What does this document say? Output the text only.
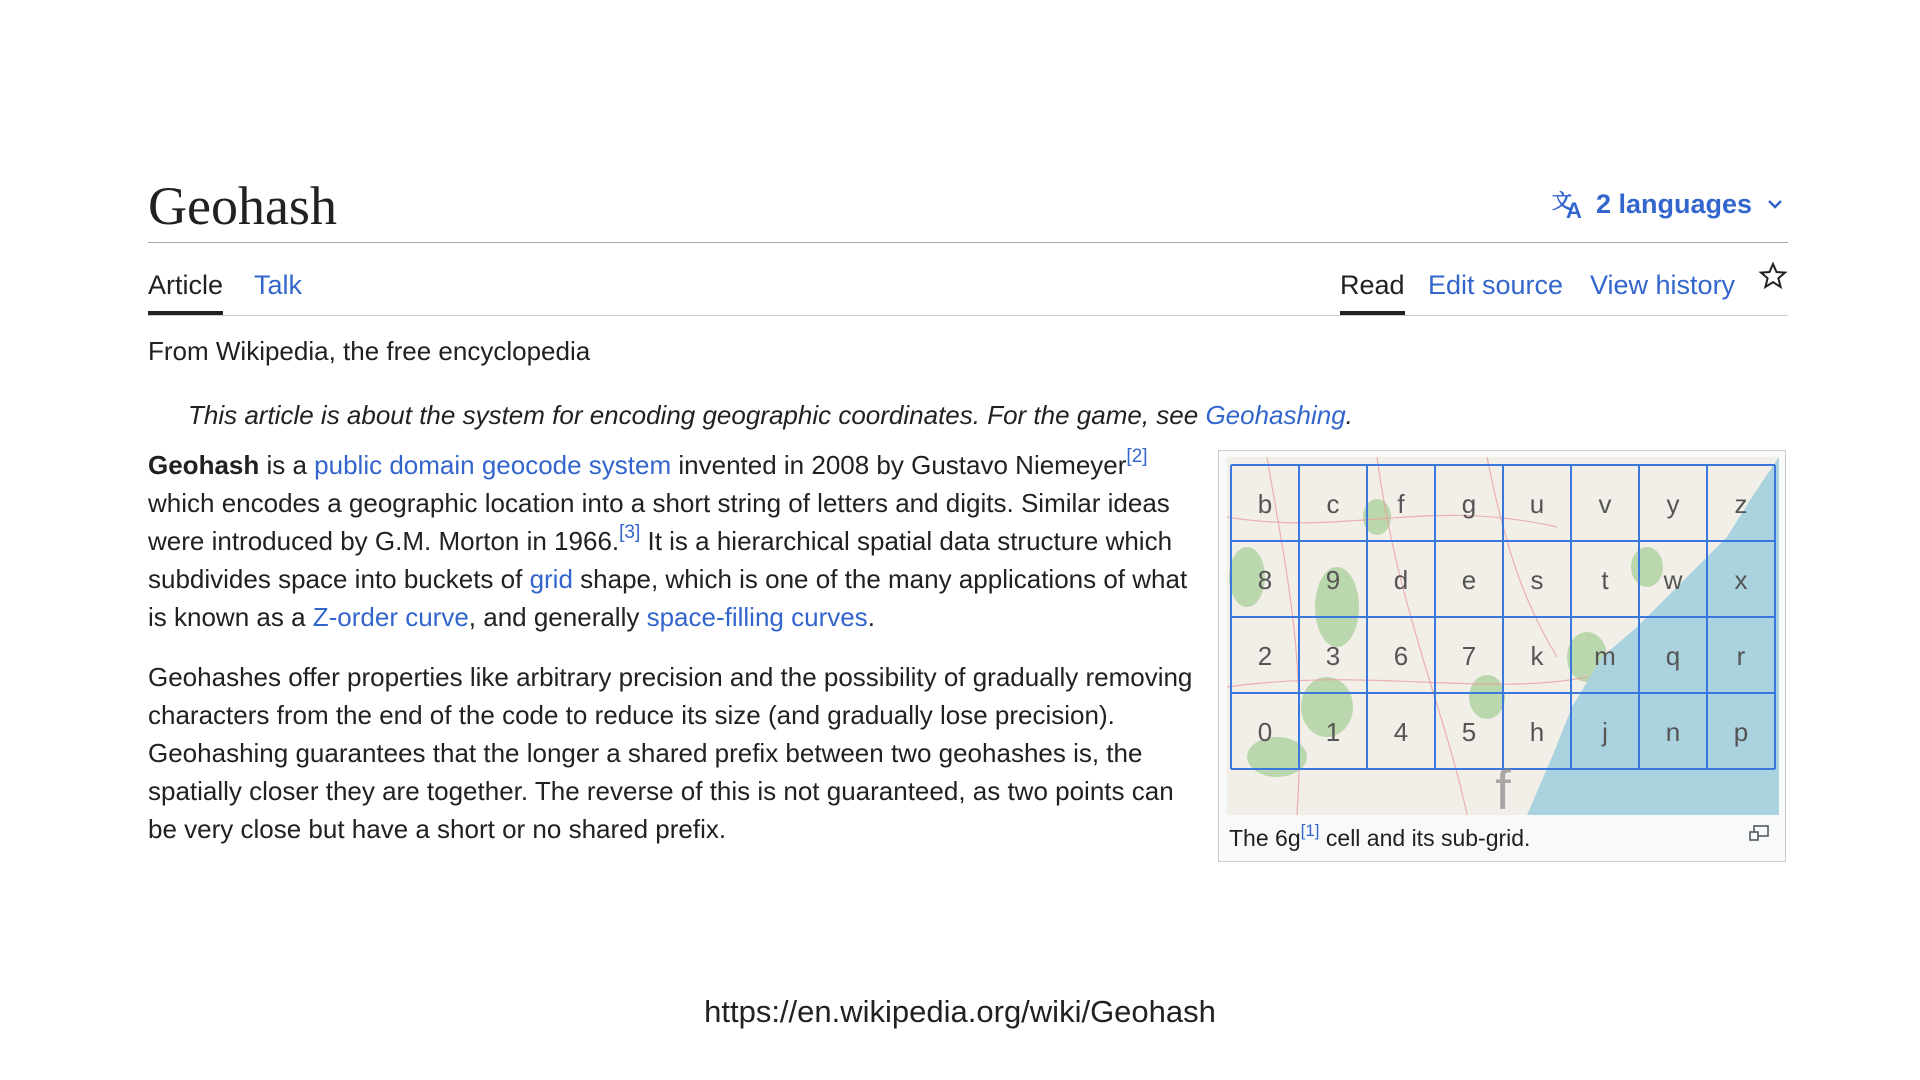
Geohash	文
A 2 languages
Article Talk	Read Edit source View history
From Wikipedia, the free encyclopedia
This article is about the system for encoding geographic coordinates. For the game, see Geohashing.

Geohash is a public domain geocode system invented in 2008 by Gustavo Niemeyer[2] which encodes a geographic location into a short string of letters and digits. Similar ideas were introduced by G.M. Morton in 1966.[3] It is a hierarchical spatial data structure which subdivides space into buckets of grid shape, which is one of the many applications of what is known as a Z-order curve, and generally space-filling curves.

Geohashes offer properties like arbitrary precision and the possibility of gradually removing characters from the end of the code to reduce its size (and gradually lose precision). Geohashing guarantees that the longer a shared prefix between two geohashes is, the spatially closer they are together. The reverse of this is not guaranteed, as two points can be very close but have a short or no shared prefix.

b c f g u v y z
8 9 d e s t w x
2 3 6 7 k m q r
0 1 4 5 h j n p
f
The 6g[1] cell and its sub-grid.
https://en.wikipedia.org/wiki/Geohash
